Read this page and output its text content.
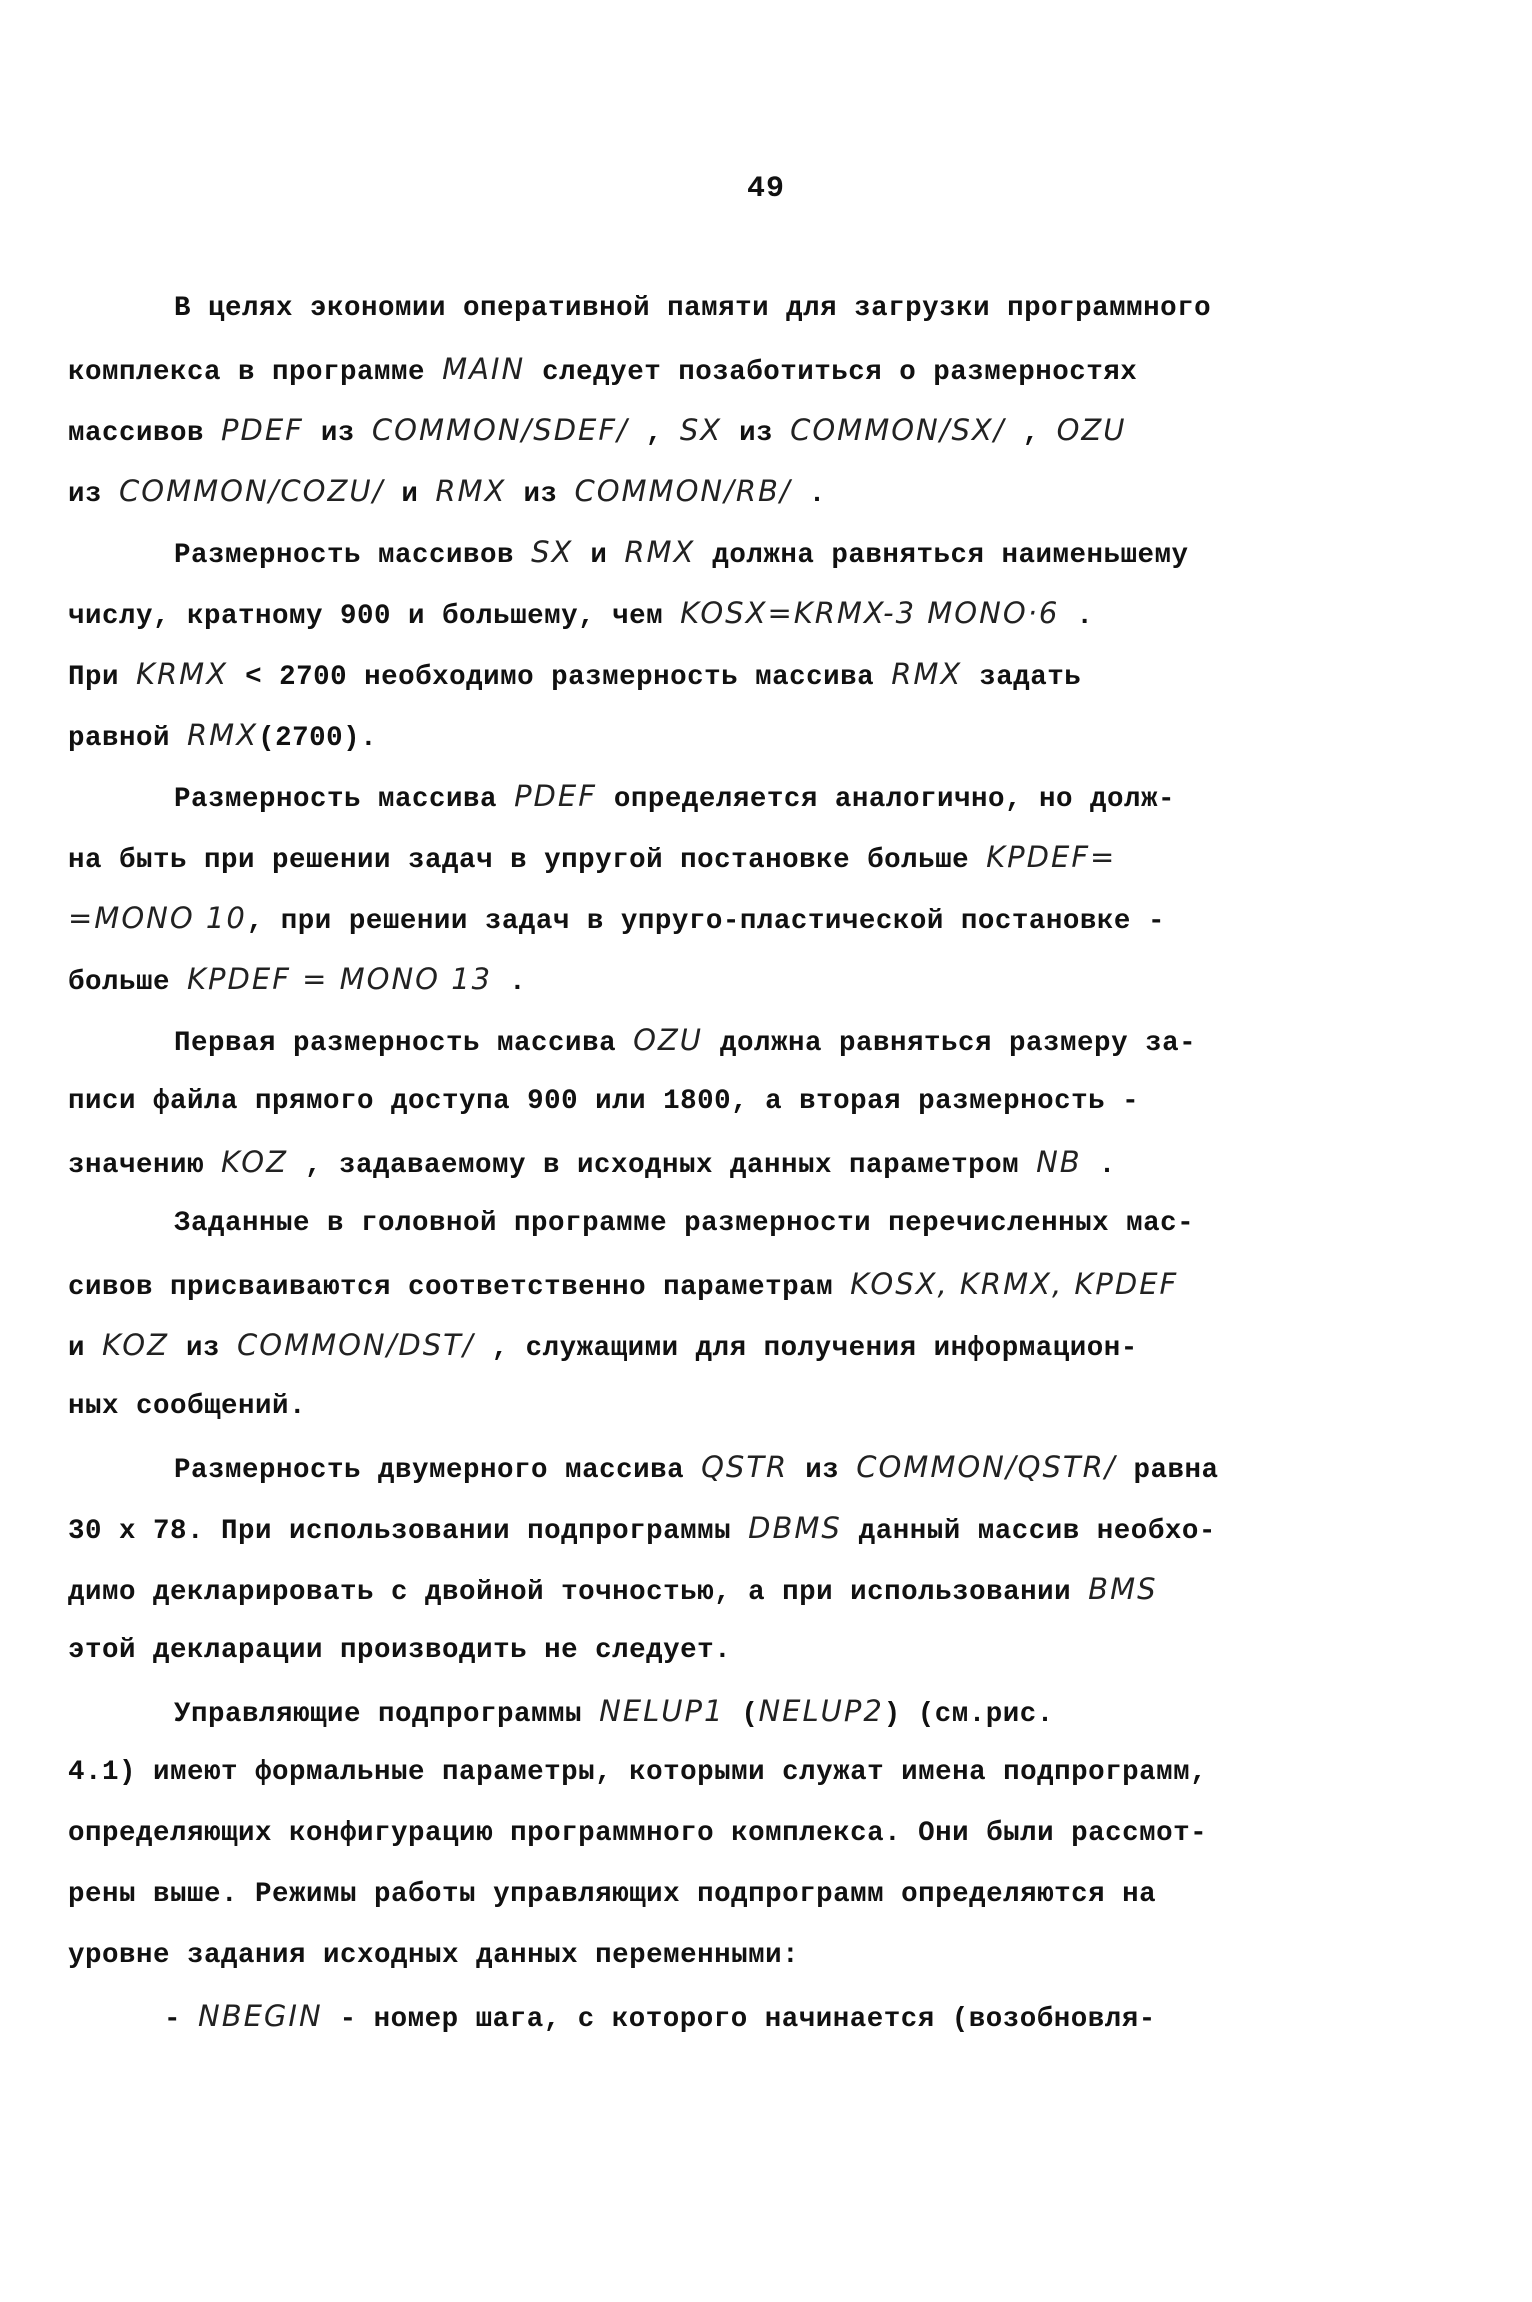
49
В целях экономии оперативной памяти для загрузки программного
комплекса в программе MAIN следует позаботиться о размерностях
массивов PDEF из COMMON/SDEF/ , SX из COMMON/SX/ , OZU
из COMMON/COZU/ и RMX из COMMON/RB/ .
Размерность массивов SX и RMX должна равняться наименьшему
числу, кратному 900 и большему, чем KOSX=KRMX-3 MONO·6 .
При KRMX < 2700 необходимо размерность массива RMX задать
равной RMX(2700).
Размерность массива PDEF определяется аналогично, но долж-
на быть при решении задач в упругой постановке больше KPDEF=
=MONO 10, при решении задач в упруго-пластической постановке -
больше KPDEF = MONO 13 .
Первая размерность массива OZU должна равняться размеру за-
писи файла прямого доступа 900 или 1800, а вторая размерность -
значению KOZ , задаваемому в исходных данных параметром NB .
Заданные в головной программе размерности перечисленных мас-
сивов присваиваются соответственно параметрам KOSX, KRMX, KPDEF
и KOZ из COMMON/DST/ , служащими для получения информацион-
ных сообщений.
Размерность двумерного массива QSTR из COMMON/QSTR/ равна
30 x 78. При использовании подпрограммы DBMS данный массив необхо-
димо декларировать с двойной точностью, а при использовании BMS
этой декларации производить не следует.
Управляющие подпрограммы NELUP1 (NELUP2) (см.рис.
4.1) имеют формальные параметры, которыми служат имена подпрограмм,
определяющих конфигурацию программного комплекса. Они были рассмот-
рены выше. Режимы работы управляющих подпрограмм определяются на
уровне задания исходных данных переменными:
- NBEGIN - номер шага, с которого начинается (возобновля-
